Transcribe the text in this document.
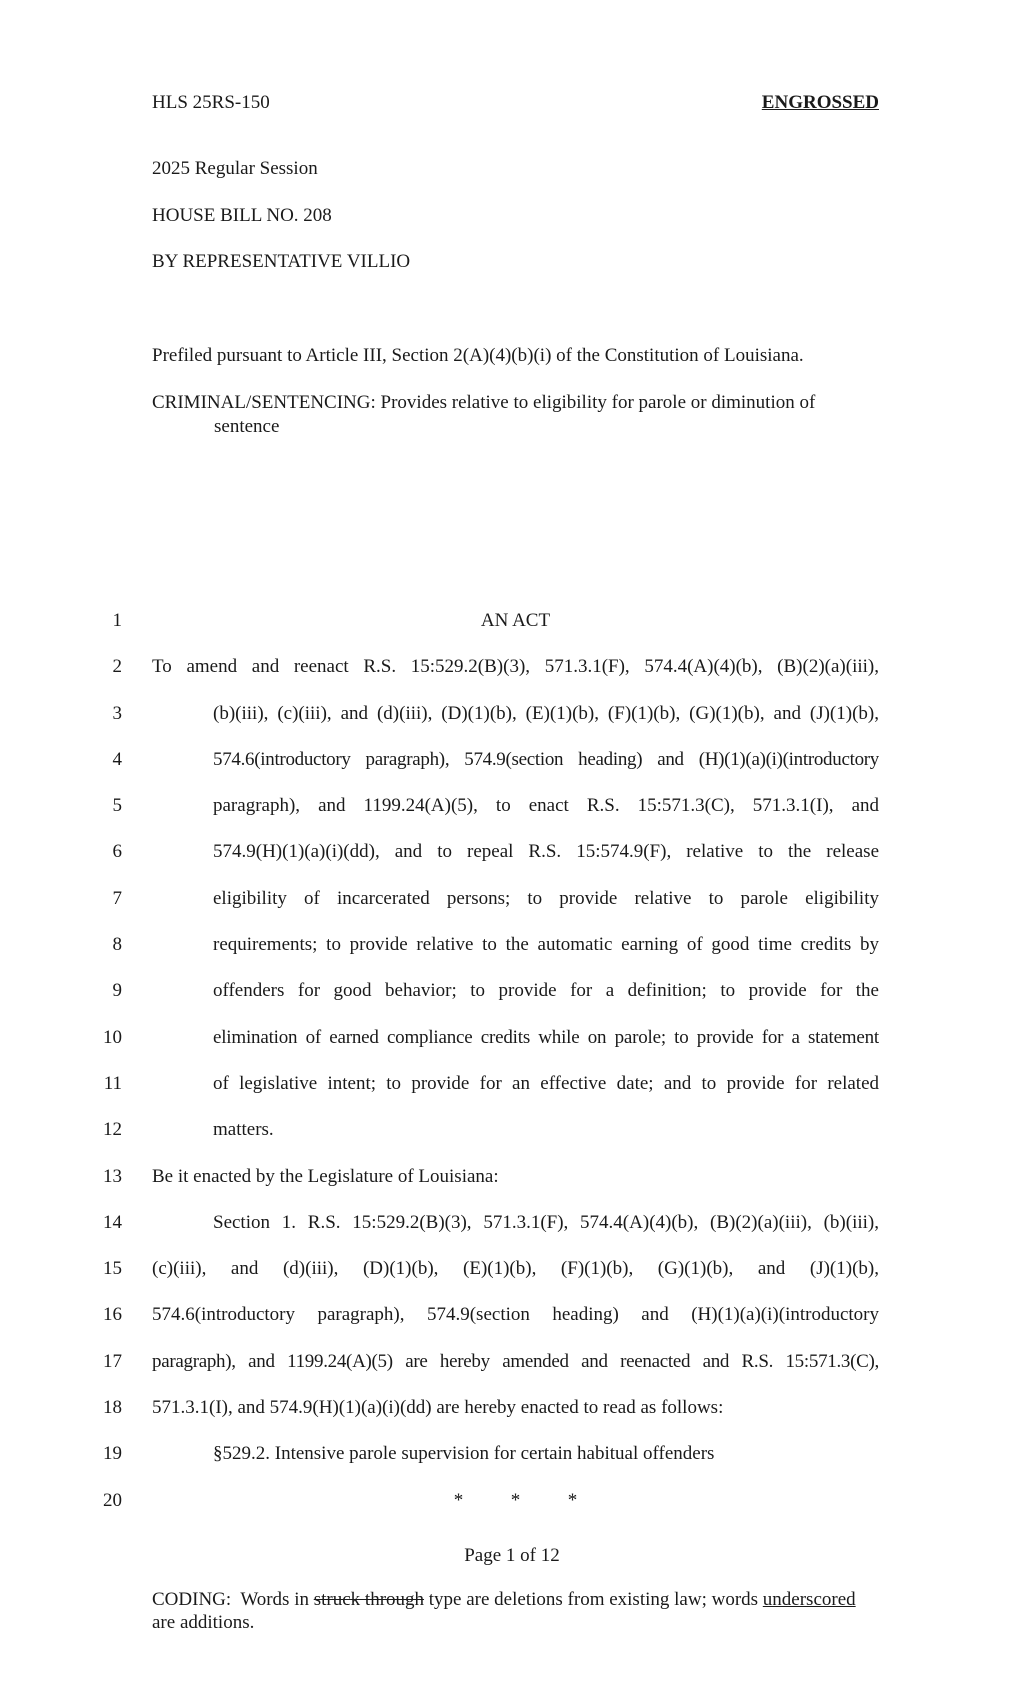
HLS 25RS-150	ENGROSSED
2025 Regular Session
HOUSE BILL NO. 208
BY REPRESENTATIVE VILLIO
Prefiled pursuant to Article III, Section 2(A)(4)(b)(i) of the Constitution of Louisiana.
CRIMINAL/SENTENCING: Provides relative to eligibility for parole or diminution of
sentence
1	AN ACT
2 To amend and reenact R.S. 15:529.2(B)(3), 571.3.1(F), 574.4(A)(4)(b), (B)(2)(a)(iii),
3	(b)(iii), (c)(iii), and (d)(iii), (D)(1)(b), (E)(1)(b), (F)(1)(b), (G)(1)(b), and (J)(1)(b),
4	574.6(introductory paragraph), 574.9(section heading) and (H)(1)(a)(i)(introductory
5	paragraph), and 1199.24(A)(5), to enact R.S. 15:571.3(C), 571.3.1(I), and
6	574.9(H)(1)(a)(i)(dd), and to repeal R.S. 15:574.9(F), relative to the release
7	eligibility of incarcerated persons; to provide relative to parole eligibility
8	requirements; to provide relative to the automatic earning of good time credits by
9	offenders for good behavior; to provide for a definition; to provide for the
10	elimination of earned compliance credits while on parole; to provide for a statement
11	of legislative intent; to provide for an effective date; and to provide for related
12	matters.
13 Be it enacted by the Legislature of Louisiana:
14	Section 1. R.S. 15:529.2(B)(3), 571.3.1(F), 574.4(A)(4)(b), (B)(2)(a)(iii), (b)(iii),
15 (c)(iii), and (d)(iii), (D)(1)(b), (E)(1)(b), (F)(1)(b), (G)(1)(b), and (J)(1)(b),
16 574.6(introductory paragraph), 574.9(section heading) and (H)(1)(a)(i)(introductory
17 paragraph), and 1199.24(A)(5) are hereby amended and reenacted and R.S. 15:571.3(C),
18 571.3.1(I), and 574.9(H)(1)(a)(i)(dd) are hereby enacted to read as follows:
19	§529.2. Intensive parole supervision for certain habitual offenders
20	*          *          *
Page 1 of 12
CODING:  Words in struck through type are deletions from existing law; words underscored
are additions.
